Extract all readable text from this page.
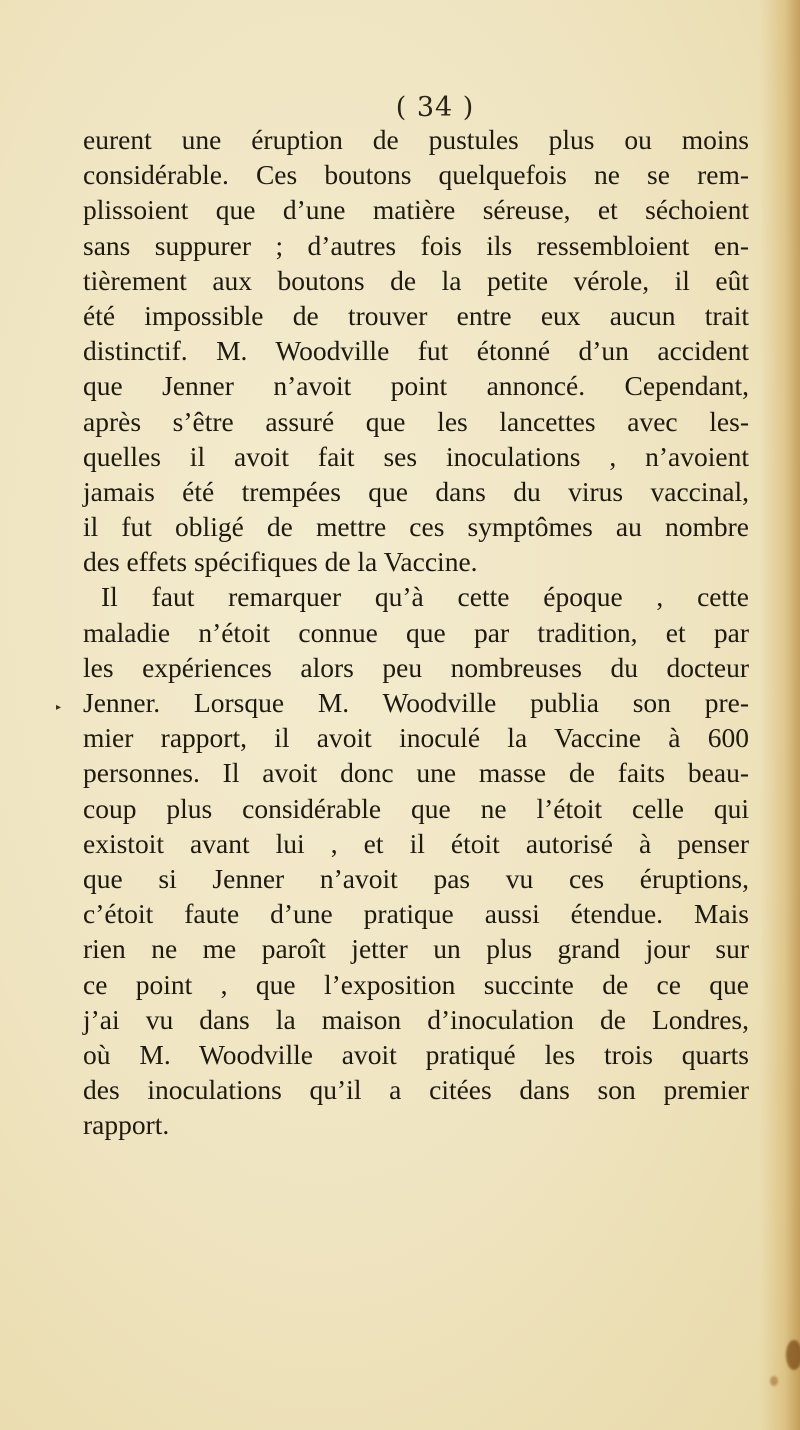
( 34 )
▸
eurent une éruption de pustules plus ou moins
considérable. Ces boutons quelquefois ne se rem-
plissoient que d’une matière séreuse, et séchoient
sans suppurer ; d’autres fois ils ressembloient en-
tièrement aux boutons de la petite vérole, il eût
été impossible de trouver entre eux aucun trait
distinctif. M. Woodville fut étonné d’un accident
que Jenner n’avoit point annoncé. Cependant,
après s’être assuré que les lancettes avec les-
quelles il avoit fait ses inoculations , n’avoient
jamais été trempées que dans du virus vaccinal,
il fut obligé de mettre ces symptômes au nombre
des effets spécifiques de la Vaccine.
Il faut remarquer qu’à cette époque , cette
maladie n’étoit connue que par tradition, et par
les expériences alors peu nombreuses du docteur
Jenner. Lorsque M. Woodville publia son pre-
mier rapport, il avoit inoculé la Vaccine à 600
personnes. Il avoit donc une masse de faits beau-
coup plus considérable que ne l’étoit celle qui
existoit avant lui , et il étoit autorisé à penser
que si Jenner n’avoit pas vu ces éruptions,
c’étoit faute d’une pratique aussi étendue. Mais
rien ne me paroît jetter un plus grand jour sur
ce point , que l’exposition succinte de ce que
j’ai vu dans la maison d’inoculation de Londres,
où M. Woodville avoit pratiqué les trois quarts
des inoculations qu’il a citées dans son premier
rapport.
